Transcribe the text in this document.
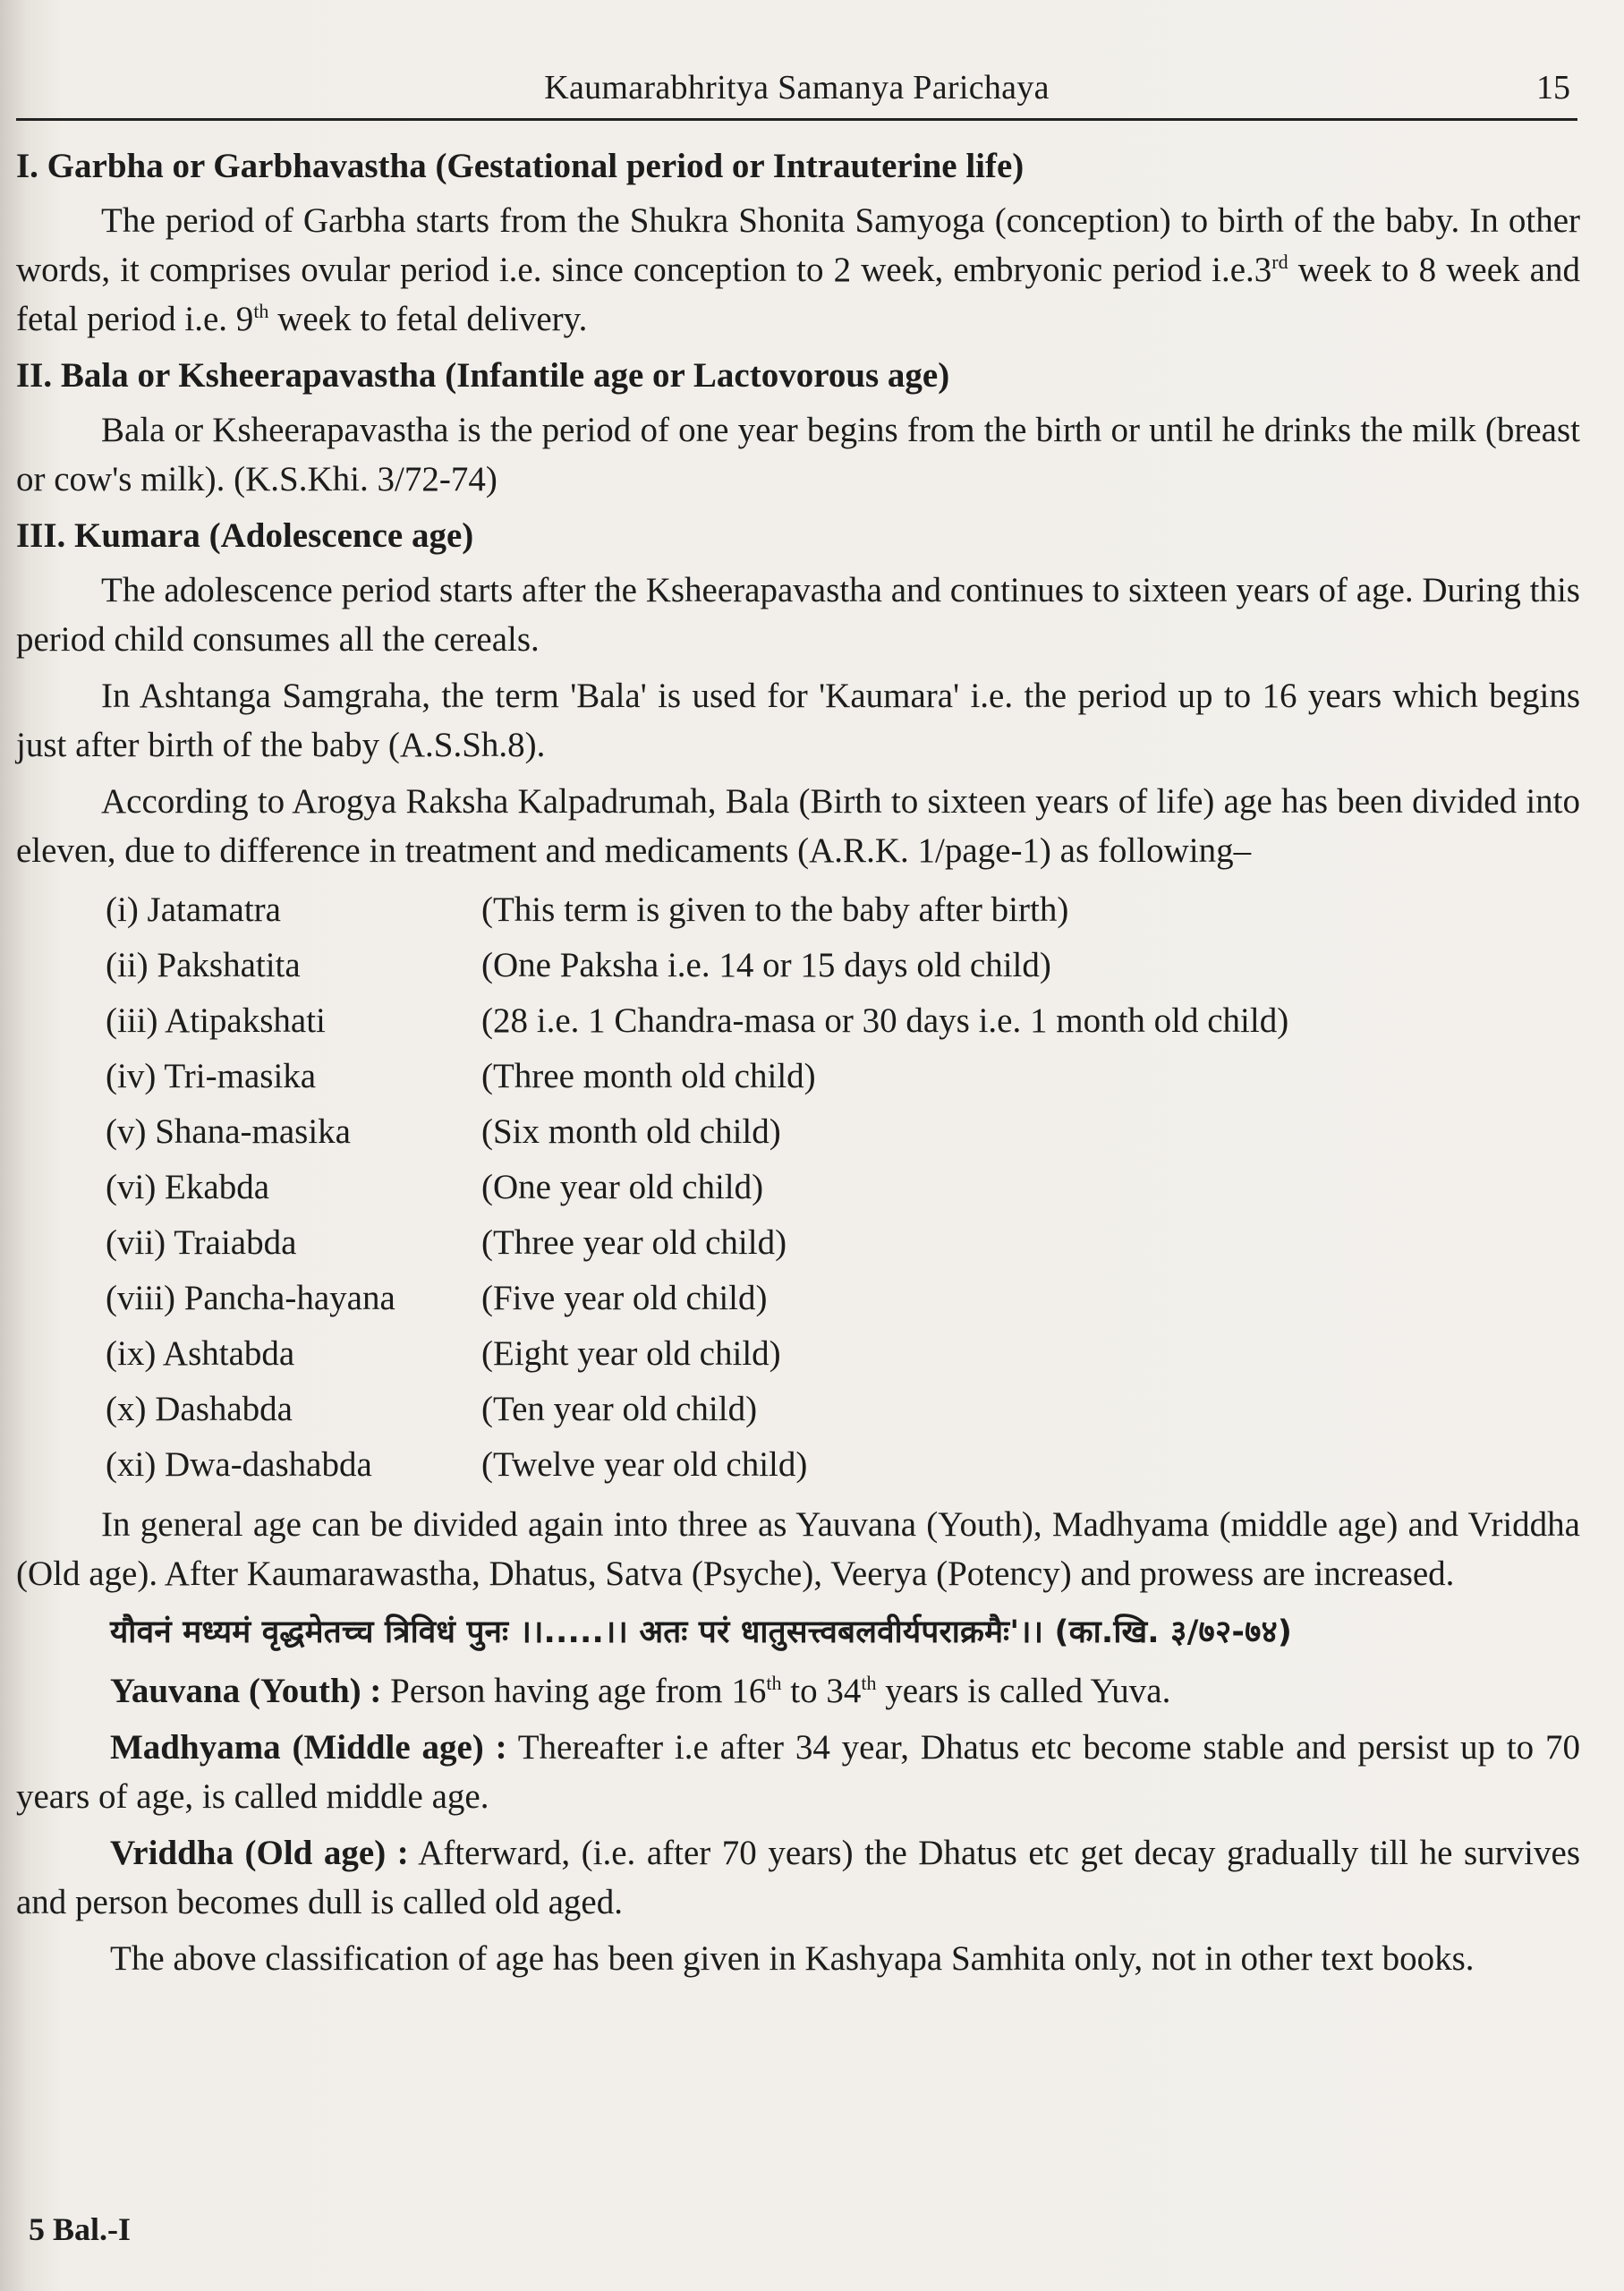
Kaumarabhritya Samanya Parichaya	15
I. Garbha or Garbhavastha (Gestational period or Intrauterine life)

The period of Garbha starts from the Shukra Shonita Samyoga (conception) to birth of the baby. In other words, it comprises ovular period i.e. since conception to 2 week, embryonic period i.e.3rd week to 8 week and fetal period i.e. 9th week to fetal delivery.

II. Bala or Ksheerapavastha (Infantile age or Lactovorous age)

Bala or Ksheerapavastha is the period of one year begins from the birth or until he drinks the milk (breast or cow's milk). (K.S.Khi. 3/72-74)

III. Kumara (Adolescence age)

The adolescence period starts after the Ksheerapavastha and continues to sixteen years of age. During this period child consumes all the cereals.

In Ashtanga Samgraha, the term 'Bala' is used for 'Kaumara' i.e. the period up to 16 years which begins just after birth of the baby (A.S.Sh.8).

According to Arogya Raksha Kalpadrumah, Bala (Birth to sixteen years of life) age has been divided into eleven, due to difference in treatment and medicaments (A.R.K. 1/page-1) as following–

(i) Jatamatra	(This term is given to the baby after birth)
(ii) Pakshatita	(One Paksha i.e. 14 or 15 days old child)
(iii) Atipakshati	(28 i.e. 1 Chandra-masa or 30 days i.e. 1 month old child)
(iv) Tri-masika	(Three month old child)
(v) Shana-masika	(Six month old child)
(vi) Ekabda	(One year old child)
(vii) Traiabda	(Three year old child)
(viii) Pancha-hayana	(Five year old child)
(ix) Ashtabda	(Eight year old child)
(x) Dashabda	(Ten year old child)
(xi) Dwa-dashabda	(Twelve year old child)

In general age can be divided again into three as Yauvana (Youth), Madhyama (middle age) and Vriddha (Old age). After Kaumarawastha, Dhatus, Satva (Psyche), Veerya (Potency) and prowess are increased.

यौवनं मध्यमं वृद्धमेतच्च त्रिविधं पुनः ।।.....।। अतः परं धातुसत्त्वबलवीर्यपराक्रमैः'।। (का.खि. ३/७२-७४)

Yauvana (Youth) : Person having age from 16th to 34th years is called Yuva.

Madhyama (Middle age) : Thereafter i.e after 34 year, Dhatus etc become stable and persist up to 70 years of age, is called middle age.

Vriddha (Old age) : Afterward, (i.e. after 70 years) the Dhatus etc get decay gradually till he survives and person becomes dull is called old aged.

The above classification of age has been given in Kashyapa Samhita only, not in other text books.

5 Bal.-I
